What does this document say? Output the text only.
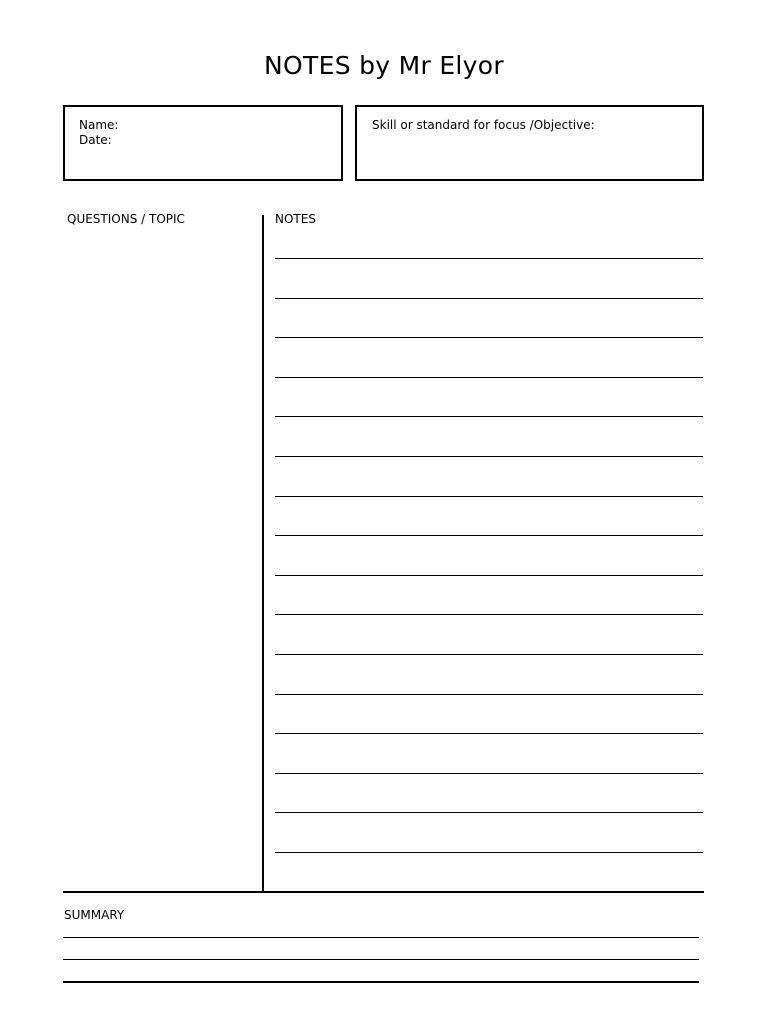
NOTES by Mr Elyor
Name:
Date:
Skill or standard for focus /Objective:
QUESTIONS / TOPIC	NOTES
SUMMARY
